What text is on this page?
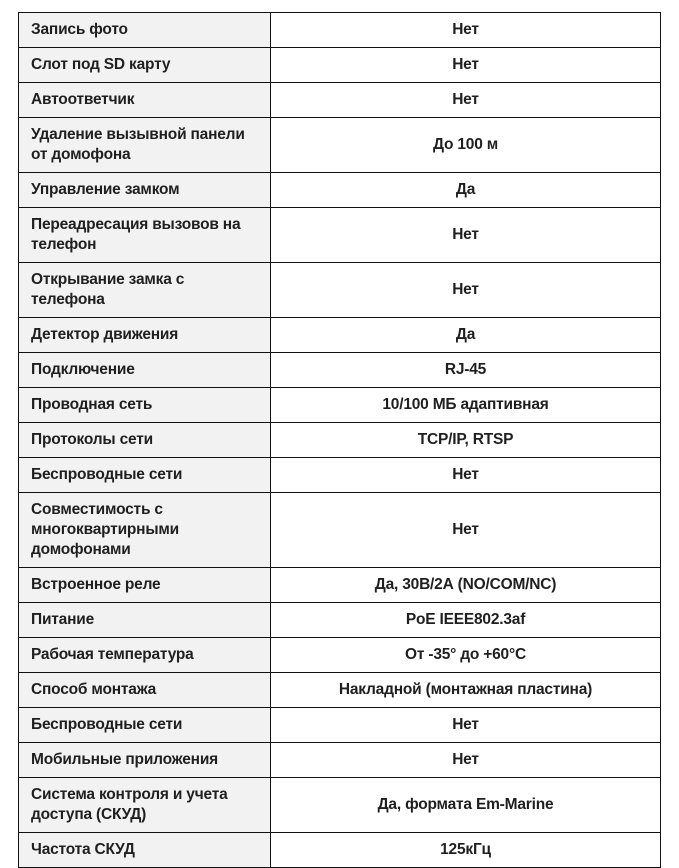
Запись фото	Нет
Слот под SD карту	Нет
Автоответчик	Нет
Удаление вызывной панели от домофона	До 100 м
Управление замком	Да
Переадресация вызовов на телефон	Нет
Открывание замка с телефона	Нет
Детектор движения	Да
Подключение	RJ-45
Проводная сеть	10/100 МБ адаптивная
Протоколы сети	TCP/IP, RTSP
Беспроводные сети	Нет
Совместимость с многоквартирными домофонами	Нет
Встроенное реле	Да, 30В/2А (NO/COM/NC)
Питание	PoE IEEE802.3af
Рабочая температура	От -35° до +60°C
Способ монтажа	Накладной (монтажная пластина)
Беспроводные сети	Нет
Мобильные приложения	Нет
Система контроля и учета доступа (СКУД)	Да, формата Em-Marine
Частота СКУД	125кГц
